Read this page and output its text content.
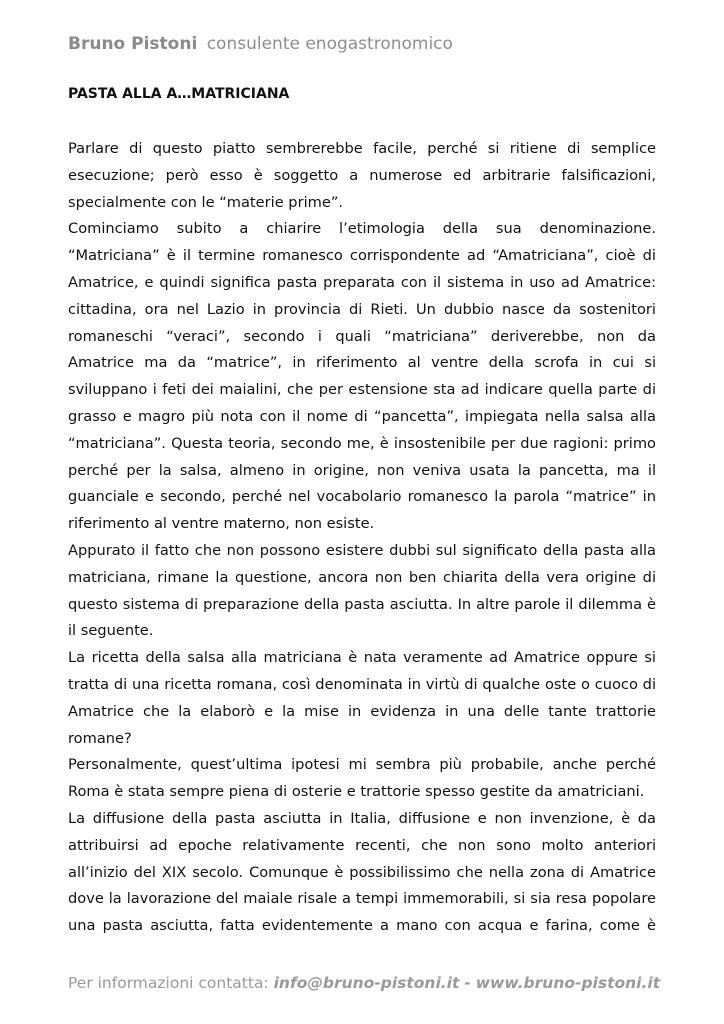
Bruno Pistoni consulente enogastronomico
PASTA ALLA A…MATRICIANA

Parlare di questo piatto sembrerebbe facile, perché si ritiene di semplice esecuzione; però esso è soggetto a numerose ed arbitrarie falsificazioni, specialmente con le “materie prime”.

Cominciamo subito a chiarire l’etimologia della sua denominazione. “Matriciana” è il termine romanesco corrispondente ad “Amatriciana”, cioè di Amatrice, e quindi significa pasta preparata con il sistema in uso ad Amatrice: cittadina, ora nel Lazio in provincia di Rieti. Un dubbio nasce da sostenitori romaneschi “veraci”, secondo i quali “matriciana” deriverebbe, non da Amatrice ma da “matrice”, in riferimento al ventre della scrofa in cui si sviluppano i feti dei maialini, che per estensione sta ad indicare quella parte di grasso e magro più nota con il nome di “pancetta”, impiegata nella salsa alla “matriciana”. Questa teoria, secondo me, è insostenibile per due ragioni: primo perché per la salsa, almeno in origine, non veniva usata la pancetta, ma il guanciale e secondo, perché nel vocabolario romanesco la parola “matrice” in riferimento al ventre materno, non esiste.

Appurato il fatto che non possono esistere dubbi sul significato della pasta alla matriciana, rimane la questione, ancora non ben chiarita della vera origine di questo sistema di preparazione della pasta asciutta. In altre parole il dilemma è il seguente.

La ricetta della salsa alla matriciana è nata veramente ad Amatrice oppure si tratta di una ricetta romana, così denominata in virtù di qualche oste o cuoco di Amatrice che la elaborò e la mise in evidenza in una delle tante trattorie romane?

Personalmente, quest’ultima ipotesi mi sembra più probabile, anche perché Roma è stata sempre piena di osterie e trattorie spesso gestite da amatriciani.

La diffusione della pasta asciutta in Italia, diffusione e non invenzione, è da attribuirsi ad epoche relativamente recenti, che non sono molto anteriori all’inizio del XIX secolo. Comunque è possibilissimo che nella zona di Amatrice dove la lavorazione del maiale risale a tempi immemorabili, si sia resa popolare una pasta asciutta, fatta evidentemente a mano con acqua e farina, come è

Per informazioni contatta: info@bruno-pistoni.it - www.bruno-pistoni.it
